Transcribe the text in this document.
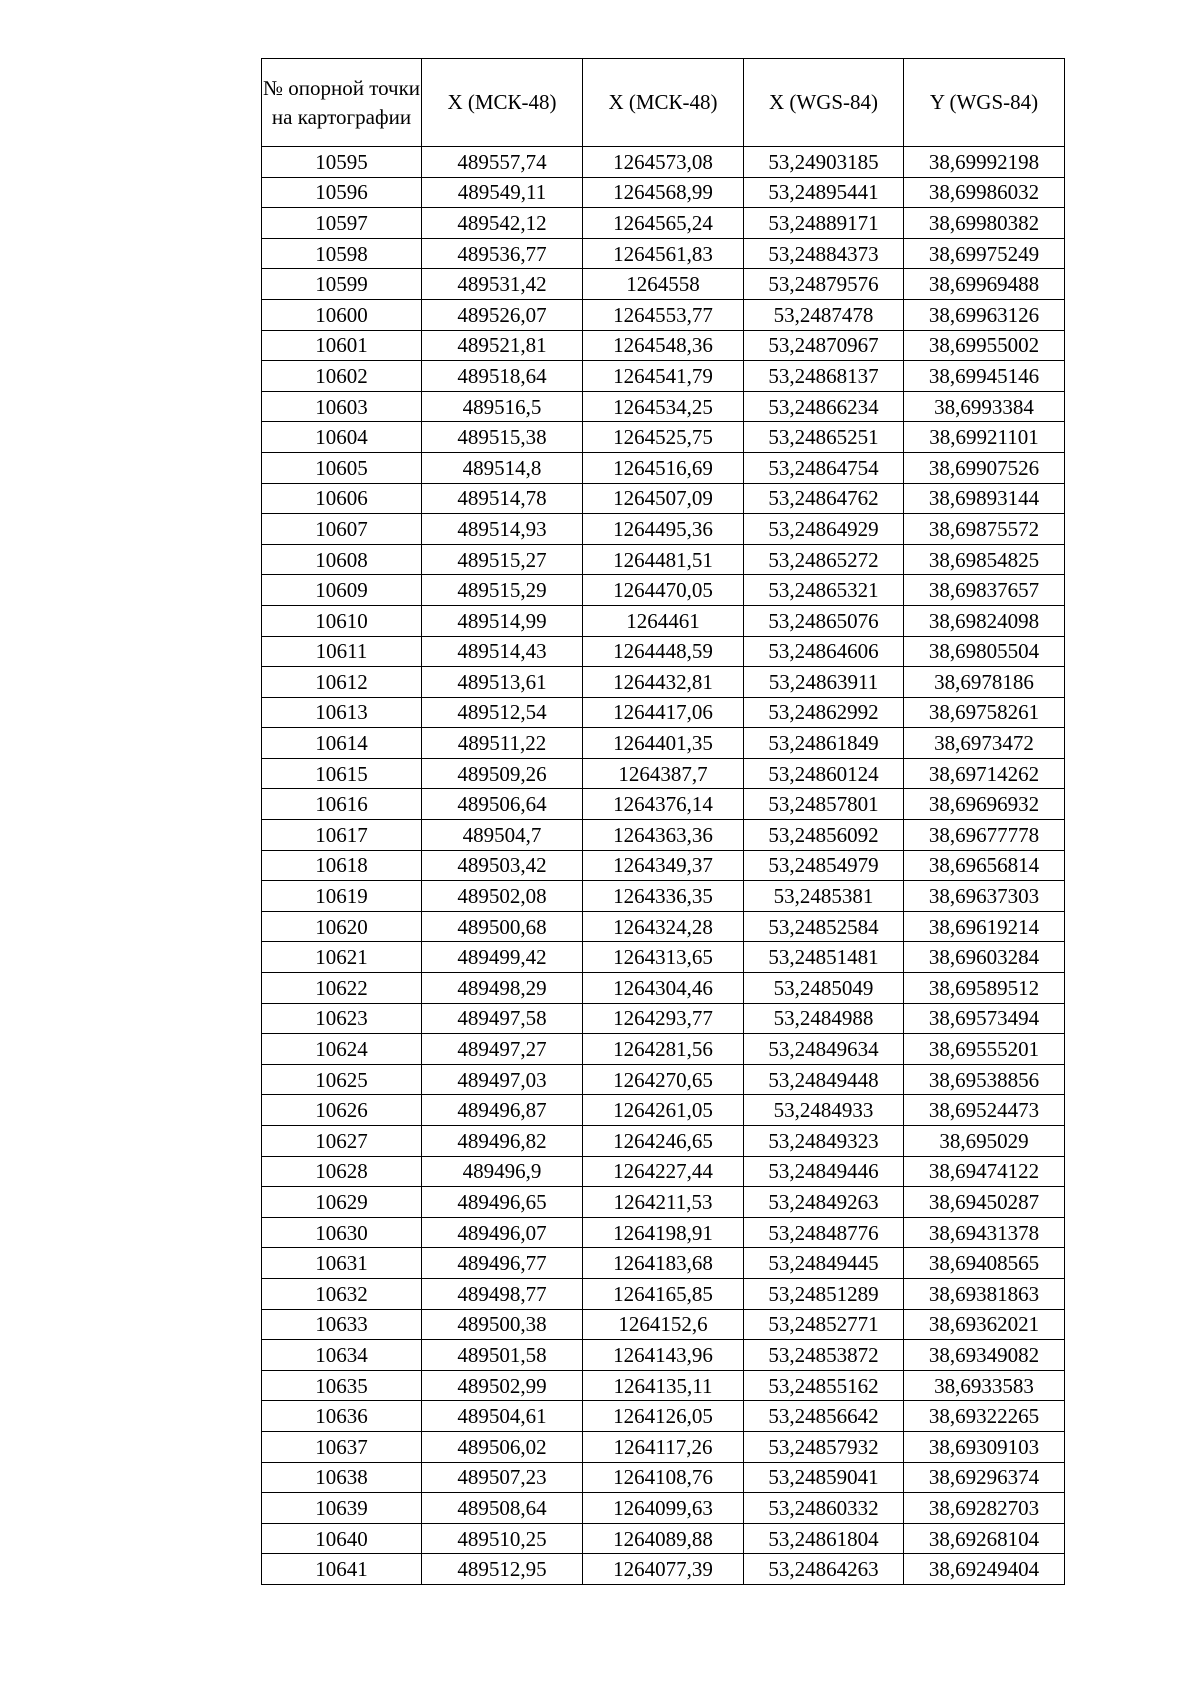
№ опорной точки на картографии	X (МСК-48)	X (МСК-48)	X (WGS-84)	Y (WGS-84)
10595	489557,74	1264573,08	53,24903185	38,69992198
10596	489549,11	1264568,99	53,24895441	38,69986032
10597	489542,12	1264565,24	53,24889171	38,69980382
10598	489536,77	1264561,83	53,24884373	38,69975249
10599	489531,42	1264558	53,24879576	38,69969488
10600	489526,07	1264553,77	53,2487478	38,69963126
10601	489521,81	1264548,36	53,24870967	38,69955002
10602	489518,64	1264541,79	53,24868137	38,69945146
10603	489516,5	1264534,25	53,24866234	38,6993384
10604	489515,38	1264525,75	53,24865251	38,69921101
10605	489514,8	1264516,69	53,24864754	38,69907526
10606	489514,78	1264507,09	53,24864762	38,69893144
10607	489514,93	1264495,36	53,24864929	38,69875572
10608	489515,27	1264481,51	53,24865272	38,69854825
10609	489515,29	1264470,05	53,24865321	38,69837657
10610	489514,99	1264461	53,24865076	38,69824098
10611	489514,43	1264448,59	53,24864606	38,69805504
10612	489513,61	1264432,81	53,24863911	38,6978186
10613	489512,54	1264417,06	53,24862992	38,69758261
10614	489511,22	1264401,35	53,24861849	38,6973472
10615	489509,26	1264387,7	53,24860124	38,69714262
10616	489506,64	1264376,14	53,24857801	38,69696932
10617	489504,7	1264363,36	53,24856092	38,69677778
10618	489503,42	1264349,37	53,24854979	38,69656814
10619	489502,08	1264336,35	53,2485381	38,69637303
10620	489500,68	1264324,28	53,24852584	38,69619214
10621	489499,42	1264313,65	53,24851481	38,69603284
10622	489498,29	1264304,46	53,2485049	38,69589512
10623	489497,58	1264293,77	53,2484988	38,69573494
10624	489497,27	1264281,56	53,24849634	38,69555201
10625	489497,03	1264270,65	53,24849448	38,69538856
10626	489496,87	1264261,05	53,2484933	38,69524473
10627	489496,82	1264246,65	53,24849323	38,695029
10628	489496,9	1264227,44	53,24849446	38,69474122
10629	489496,65	1264211,53	53,24849263	38,69450287
10630	489496,07	1264198,91	53,24848776	38,69431378
10631	489496,77	1264183,68	53,24849445	38,69408565
10632	489498,77	1264165,85	53,24851289	38,69381863
10633	489500,38	1264152,6	53,24852771	38,69362021
10634	489501,58	1264143,96	53,24853872	38,69349082
10635	489502,99	1264135,11	53,24855162	38,6933583
10636	489504,61	1264126,05	53,24856642	38,69322265
10637	489506,02	1264117,26	53,24857932	38,69309103
10638	489507,23	1264108,76	53,24859041	38,69296374
10639	489508,64	1264099,63	53,24860332	38,69282703
10640	489510,25	1264089,88	53,24861804	38,69268104
10641	489512,95	1264077,39	53,24864263	38,69249404
